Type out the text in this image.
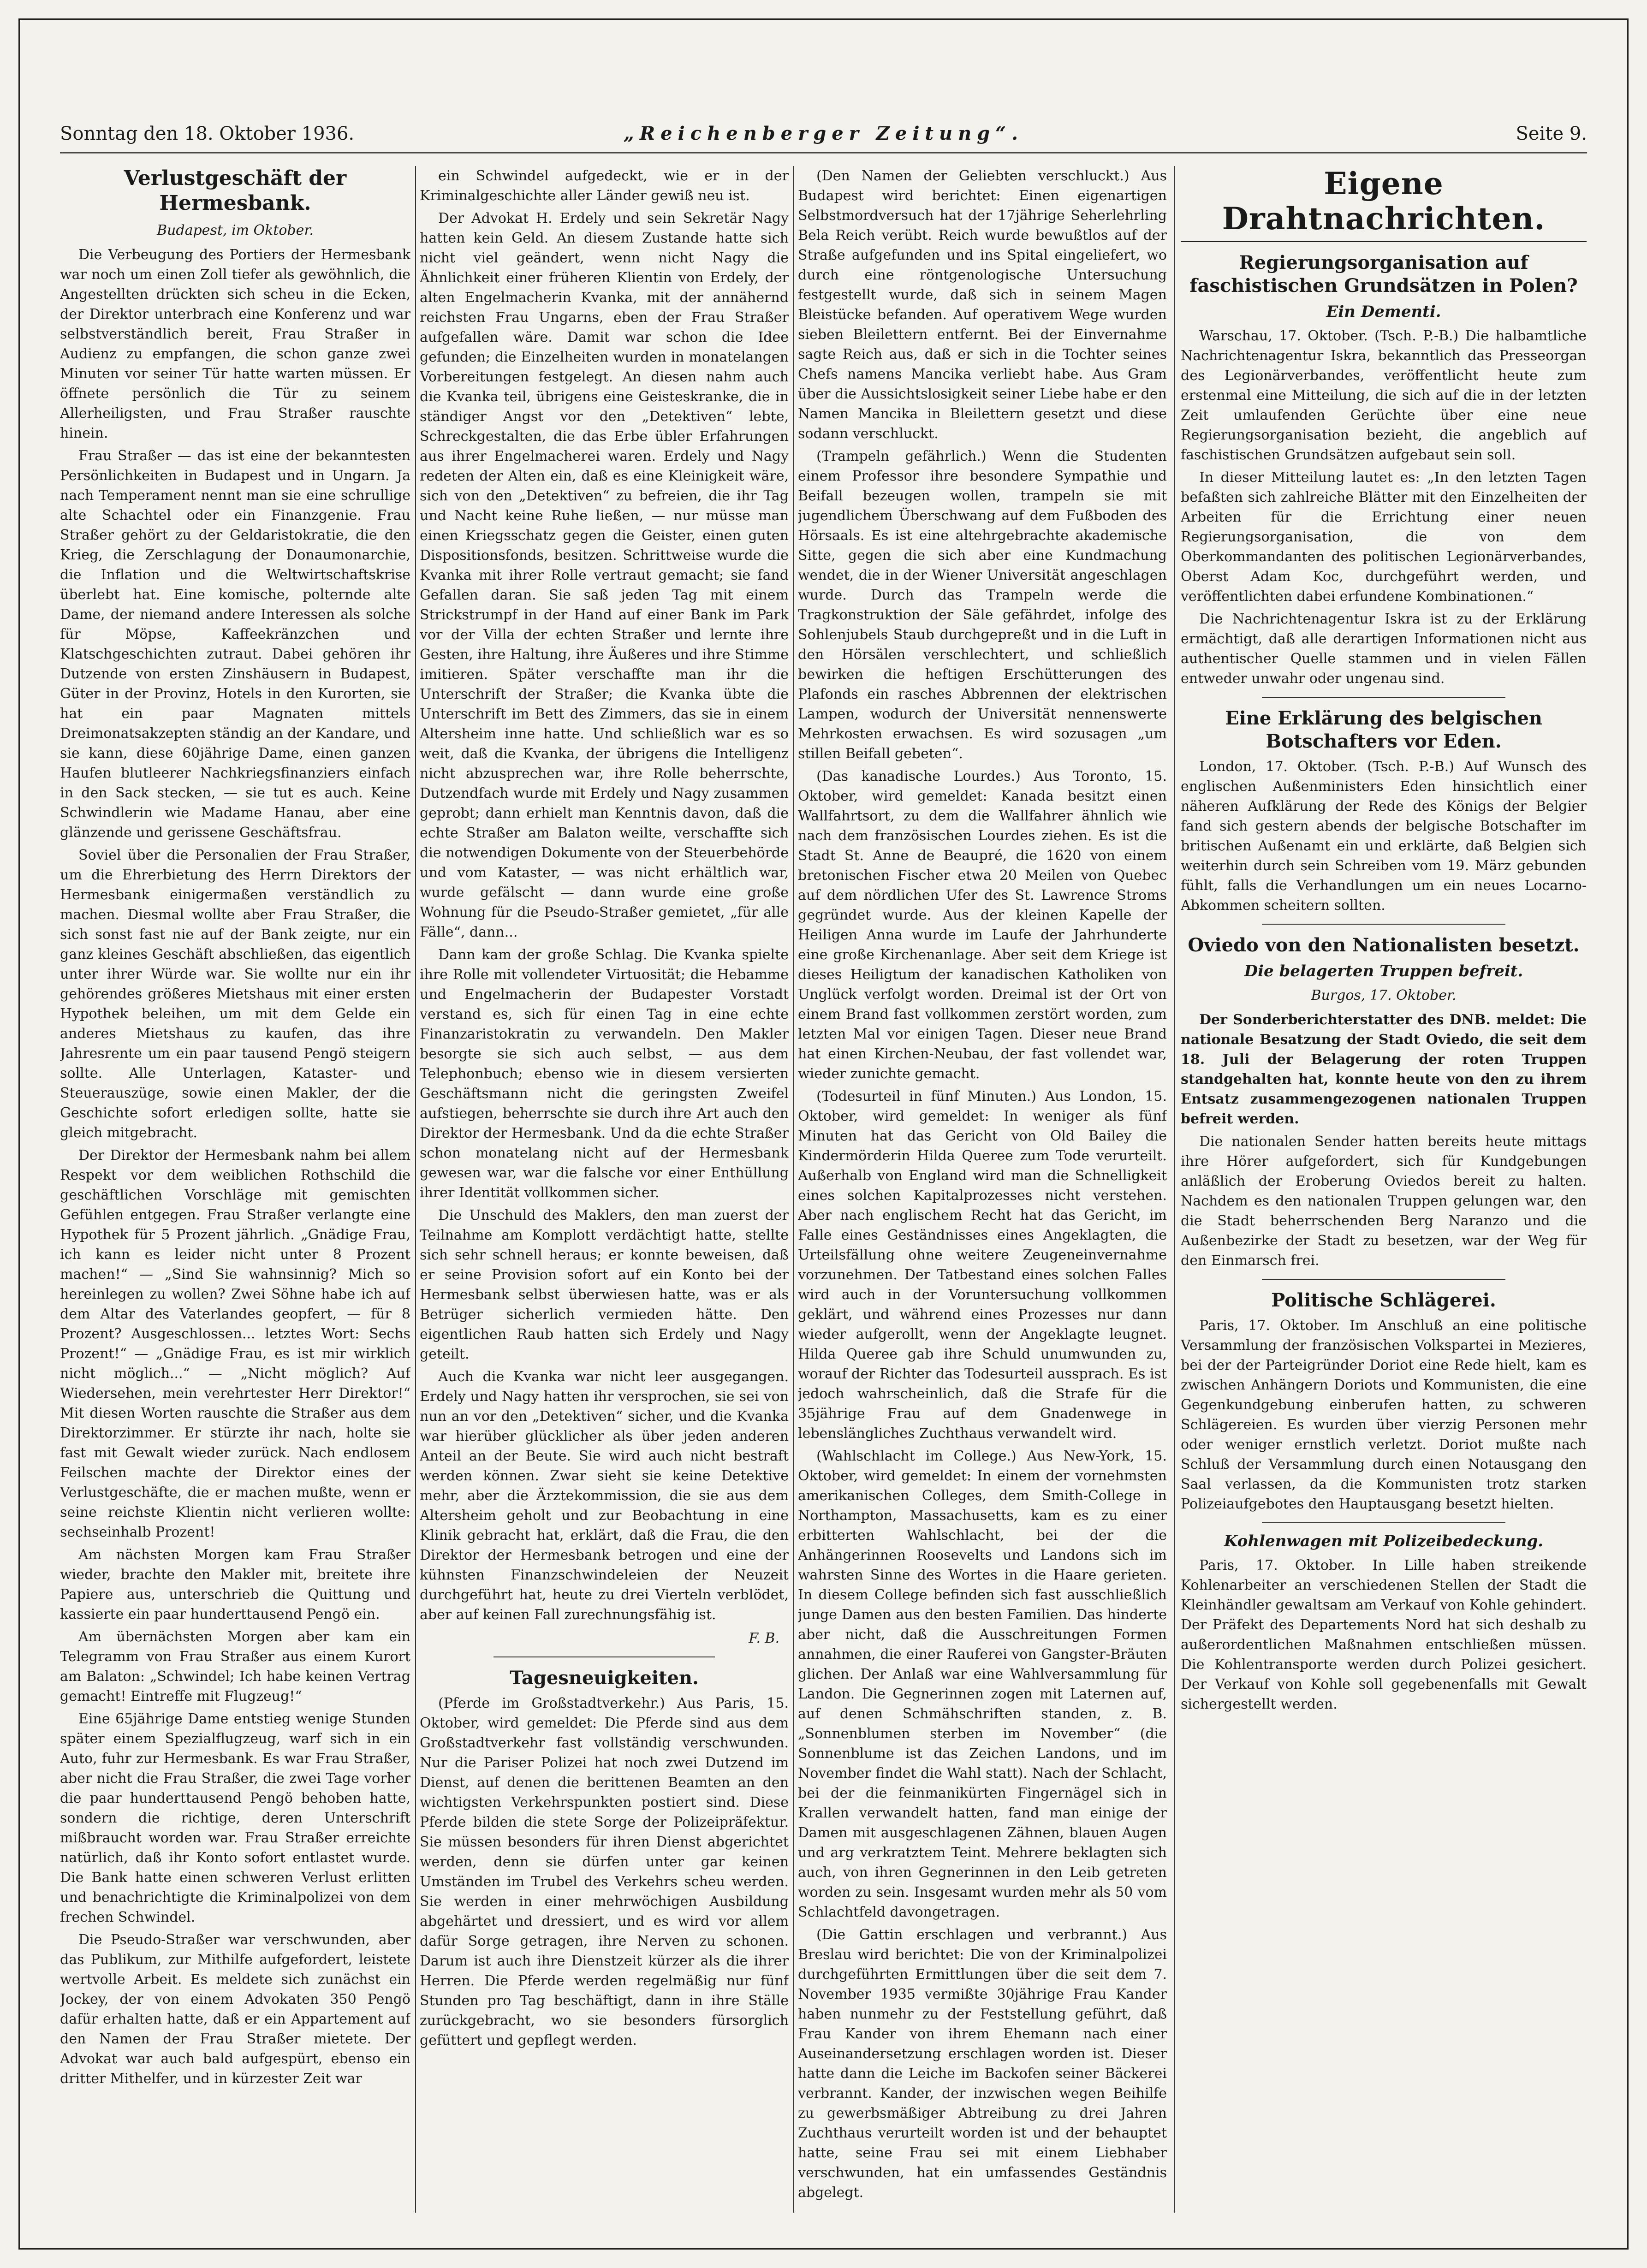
Sonntag den 18. Oktober 1936.	„Reichenberger Zeitung“.	Seite 9.
Verlustgeschäft der Hermesbank.
Budapest, im Oktober.

Die Verbeugung des Portiers der Hermesbank war noch um einen Zoll tiefer als gewöhnlich, die Angestellten drückten sich scheu in die Ecken, der Direktor unterbrach eine Konferenz und war selbstverständlich bereit, Frau Straßer in Audienz zu empfangen, die schon ganze zwei Minuten vor seiner Tür hatte warten müssen. Er öffnete persönlich die Tür zu seinem Allerheiligsten, und Frau Straßer rauschte hinein.

Frau Straßer — das ist eine der bekanntesten Persönlichkeiten in Budapest und in Ungarn. Ja nach Temperament nennt man sie eine schrullige alte Schachtel oder ein Finanzgenie. Frau Straßer gehört zu der Geldaristokratie, die den Krieg, die Zerschlagung der Donaumonarchie, die Inflation und die Weltwirtschaftskrise überlebt hat. Eine komische, polternde alte Dame, der niemand andere Interessen als solche für Möpse, Kaffeekränzchen und Klatschgeschichten zutraut. Dabei gehören ihr Dutzende von ersten Zinshäusern in Budapest, Güter in der Provinz, Hotels in den Kurorten, sie hat ein paar Magnaten mittels Dreimonatsakzepten ständig an der Kandare, und sie kann, diese 60jährige Dame, einen ganzen Haufen blutleerer Nachkriegsfinanziers einfach in den Sack stecken, — sie tut es auch. Keine Schwindlerin wie Madame Hanau, aber eine glänzende und gerissene Geschäftsfrau.

Soviel über die Personalien der Frau Straßer, um die Ehrerbietung des Herrn Direktors der Hermesbank einigermaßen verständlich zu machen. Diesmal wollte aber Frau Straßer, die sich sonst fast nie auf der Bank zeigte, nur ein ganz kleines Geschäft abschließen, das eigentlich unter ihrer Würde war. Sie wollte nur ein ihr gehörendes größeres Mietshaus mit einer ersten Hypothek beleihen, um mit dem Gelde ein anderes Mietshaus zu kaufen, das ihre Jahresrente um ein paar tausend Pengö steigern sollte. Alle Unterlagen, Kataster- und Steuerauszüge, sowie einen Makler, der die Geschichte sofort erledigen sollte, hatte sie gleich mitgebracht.

Der Direktor der Hermesbank nahm bei allem Respekt vor dem weiblichen Rothschild die geschäftlichen Vorschläge mit gemischten Gefühlen entgegen. Frau Straßer verlangte eine Hypothek für 5 Prozent jährlich. „Gnädige Frau, ich kann es leider nicht unter 8 Prozent machen!“ — „Sind Sie wahnsinnig? Mich so hereinlegen zu wollen? Zwei Söhne habe ich auf dem Altar des Vaterlandes geopfert, — für 8 Prozent? Ausgeschlossen... letztes Wort: Sechs Prozent!“ — „Gnädige Frau, es ist mir wirklich nicht möglich...“ — „Nicht möglich? Auf Wiedersehen, mein verehrtester Herr Direktor!“ Mit diesen Worten rauschte die Straßer aus dem Direktorzimmer. Er stürzte ihr nach, holte sie fast mit Gewalt wieder zurück. Nach endlosem Feilschen machte der Direktor eines der Verlustgeschäfte, die er machen mußte, wenn er seine reichste Klientin nicht verlieren wollte: sechseinhalb Prozent!

Am nächsten Morgen kam Frau Straßer wieder, brachte den Makler mit, breitete ihre Papiere aus, unterschrieb die Quittung und kassierte ein paar hunderttausend Pengö ein.

Am übernächsten Morgen aber kam ein Telegramm von Frau Straßer aus einem Kurort am Balaton: „Schwindel; Ich habe keinen Vertrag gemacht! Eintreffe mit Flugzeug!“

Eine 65jährige Dame entstieg wenige Stunden später einem Spezialflugzeug, warf sich in ein Auto, fuhr zur Hermesbank. Es war Frau Straßer, aber nicht die Frau Straßer, die zwei Tage vorher die paar hunderttausend Pengö behoben hatte, sondern die richtige, deren Unterschrift mißbraucht worden war. Frau Straßer erreichte natürlich, daß ihr Konto sofort entlastet wurde. Die Bank hatte einen schweren Verlust erlitten und benachrichtigte die Kriminalpolizei von dem frechen Schwindel.

Die Pseudo-Straßer war verschwunden, aber das Publikum, zur Mithilfe aufgefordert, leistete wertvolle Arbeit. Es meldete sich zunächst ein Jockey, der von einem Advokaten 350 Pengö dafür erhalten hatte, daß er ein Appartement auf den Namen der Frau Straßer mietete. Der Advokat war auch bald aufgespürt, ebenso ein dritter Mithelfer, und in kürzester Zeit war

ein Schwindel aufgedeckt, wie er in der Kriminalgeschichte aller Länder gewiß neu ist.

Der Advokat H. Erdely und sein Sekretär Nagy hatten kein Geld. An diesem Zustande hatte sich nicht viel geändert, wenn nicht Nagy die Ähnlichkeit einer früheren Klientin von Erdely, der alten Engelmacherin Kvanka, mit der annähernd reichsten Frau Ungarns, eben der Frau Straßer aufgefallen wäre. Damit war schon die Idee gefunden; die Einzelheiten wurden in monatelangen Vorbereitungen festgelegt. An diesen nahm auch die Kvanka teil, übrigens eine Geisteskranke, die in ständiger Angst vor den „Detektiven“ lebte, Schreckgestalten, die das Erbe übler Erfahrungen aus ihrer Engelmacherei waren. Erdely und Nagy redeten der Alten ein, daß es eine Kleinigkeit wäre, sich von den „Detektiven“ zu befreien, die ihr Tag und Nacht keine Ruhe ließen, — nur müsse man einen Kriegsschatz gegen die Geister, einen guten Dispositionsfonds, besitzen. Schrittweise wurde die Kvanka mit ihrer Rolle vertraut gemacht; sie fand Gefallen daran. Sie saß jeden Tag mit einem Strickstrumpf in der Hand auf einer Bank im Park vor der Villa der echten Straßer und lernte ihre Gesten, ihre Haltung, ihre Äußeres und ihre Stimme imitieren. Später verschaffte man ihr die Unterschrift der Straßer; die Kvanka übte die Unterschrift im Bett des Zimmers, das sie in einem Altersheim inne hatte. Und schließlich war es so weit, daß die Kvanka, der übrigens die Intelligenz nicht abzusprechen war, ihre Rolle beherrschte, Dutzendfach wurde mit Erdely und Nagy zusammen geprobt; dann erhielt man Kenntnis davon, daß die echte Straßer am Balaton weilte, verschaffte sich die notwendigen Dokumente von der Steuerbehörde und vom Kataster, — was nicht erhältlich war, wurde gefälscht — dann wurde eine große Wohnung für die Pseudo-Straßer gemietet, „für alle Fälle“, dann...

Dann kam der große Schlag. Die Kvanka spielte ihre Rolle mit vollendeter Virtuosität; die Hebamme und Engelmacherin der Budapester Vorstadt verstand es, sich für einen Tag in eine echte Finanzaristokratin zu verwandeln. Den Makler besorgte sie sich auch selbst, — aus dem Telephonbuch; ebenso wie in diesem versierten Geschäftsmann nicht die geringsten Zweifel aufstiegen, beherrschte sie durch ihre Art auch den Direktor der Hermesbank. Und da die echte Straßer schon monatelang nicht auf der Hermesbank gewesen war, war die falsche vor einer Enthüllung ihrer Identität vollkommen sicher.

Die Unschuld des Maklers, den man zuerst der Teilnahme am Komplott verdächtigt hatte, stellte sich sehr schnell heraus; er konnte beweisen, daß er seine Provision sofort auf ein Konto bei der Hermesbank selbst überwiesen hatte, was er als Betrüger sicherlich vermieden hätte. Den eigentlichen Raub hatten sich Erdely und Nagy geteilt.

Auch die Kvanka war nicht leer ausgegangen. Erdely und Nagy hatten ihr versprochen, sie sei von nun an vor den „Detektiven“ sicher, und die Kvanka war hierüber glücklicher als über jeden anderen Anteil an der Beute. Sie wird auch nicht bestraft werden können. Zwar sieht sie keine Detektive mehr, aber die Ärztekommission, die sie aus dem Altersheim geholt und zur Beobachtung in eine Klinik gebracht hat, erklärt, daß die Frau, die den Direktor der Hermesbank betrogen und eine der kühnsten Finanzschwindeleien der Neuzeit durchgeführt hat, heute zu drei Vierteln verblödet, aber auf keinen Fall zurechnungsfähig ist.

F. B.
Tagesneuigkeiten.

(Pferde im Großstadtverkehr.) Aus Paris, 15. Oktober, wird gemeldet: Die Pferde sind aus dem Großstadtverkehr fast vollständig verschwunden. Nur die Pariser Polizei hat noch zwei Dutzend im Dienst, auf denen die berittenen Beamten an den wichtigsten Verkehrspunkten postiert sind. Diese Pferde bilden die stete Sorge der Polizeipräfektur. Sie müssen besonders für ihren Dienst abgerichtet werden, denn sie dürfen unter gar keinen Umständen im Trubel des Verkehrs scheu werden. Sie werden in einer mehrwöchigen Ausbildung abgehärtet und dressiert, und es wird vor allem dafür Sorge getragen, ihre Nerven zu schonen. Darum ist auch ihre Dienstzeit kürzer als die ihrer Herren. Die Pferde werden regelmäßig nur fünf Stunden pro Tag beschäftigt, dann in ihre Ställe zurückgebracht, wo sie besonders fürsorglich gefüttert und gepflegt werden.

(Den Namen der Geliebten verschluckt.) Aus Budapest wird berichtet: Einen eigenartigen Selbstmordversuch hat der 17jährige Seherlehrling Bela Reich verübt. Reich wurde bewußtlos auf der Straße aufgefunden und ins Spital eingeliefert, wo durch eine röntgenologische Untersuchung festgestellt wurde, daß sich in seinem Magen Bleistücke befanden. Auf operativem Wege wurden sieben Bleilettern entfernt. Bei der Einvernahme sagte Reich aus, daß er sich in die Tochter seines Chefs namens Mancika verliebt habe. Aus Gram über die Aussichtslosigkeit seiner Liebe habe er den Namen Mancika in Bleilettern gesetzt und diese sodann verschluckt.

(Trampeln gefährlich.) Wenn die Studenten einem Professor ihre besondere Sympathie und Beifall bezeugen wollen, trampeln sie mit jugendlichem Überschwang auf dem Fußboden des Hörsaals. Es ist eine altehrgebrachte akademische Sitte, gegen die sich aber eine Kundmachung wendet, die in der Wiener Universität angeschlagen wurde. Durch das Trampeln werde die Tragkonstruktion der Säle gefährdet, infolge des Sohlenjubels Staub durchgepreßt und in die Luft in den Hörsälen verschlechtert, und schließlich bewirken die heftigen Erschütterungen des Plafonds ein rasches Abbrennen der elektrischen Lampen, wodurch der Universität nennenswerte Mehrkosten erwachsen. Es wird sozusagen „um stillen Beifall gebeten“.

(Das kanadische Lourdes.) Aus Toronto, 15. Oktober, wird gemeldet: Kanada besitzt einen Wallfahrtsort, zu dem die Wallfahrer ähnlich wie nach dem französischen Lourdes ziehen. Es ist die Stadt St. Anne de Beaupré, die 1620 von einem bretonischen Fischer etwa 20 Meilen von Quebec auf dem nördlichen Ufer des St. Lawrence Stroms gegründet wurde. Aus der kleinen Kapelle der Heiligen Anna wurde im Laufe der Jahrhunderte eine große Kirchenanlage. Aber seit dem Kriege ist dieses Heiligtum der kanadischen Katholiken von Unglück verfolgt worden. Dreimal ist der Ort von einem Brand fast vollkommen zerstört worden, zum letzten Mal vor einigen Tagen. Dieser neue Brand hat einen Kirchen-Neubau, der fast vollendet war, wieder zunichte gemacht.

(Todesurteil in fünf Minuten.) Aus London, 15. Oktober, wird gemeldet: In weniger als fünf Minuten hat das Gericht von Old Bailey die Kindermörderin Hilda Queree zum Tode verurteilt. Außerhalb von England wird man die Schnelligkeit eines solchen Kapitalprozesses nicht verstehen. Aber nach englischem Recht hat das Gericht, im Falle eines Geständnisses eines Angeklagten, die Urteilsfällung ohne weitere Zeugeneinvernahme vorzunehmen. Der Tatbestand eines solchen Falles wird auch in der Voruntersuchung vollkommen geklärt, und während eines Prozesses nur dann wieder aufgerollt, wenn der Angeklagte leugnet. Hilda Queree gab ihre Schuld unumwunden zu, worauf der Richter das Todesurteil aussprach. Es ist jedoch wahrscheinlich, daß die Strafe für die 35jährige Frau auf dem Gnadenwege in lebenslängliches Zuchthaus verwandelt wird.

(Wahlschlacht im College.) Aus New-York, 15. Oktober, wird gemeldet: In einem der vornehmsten amerikanischen Colleges, dem Smith-College in Northampton, Massachusetts, kam es zu einer erbitterten Wahlschlacht, bei der die Anhängerinnen Roosevelts und Landons sich im wahrsten Sinne des Wortes in die Haare gerieten. In diesem College befinden sich fast ausschließlich junge Damen aus den besten Familien. Das hinderte aber nicht, daß die Ausschreitungen Formen annahmen, die einer Rauferei von Gangster-Bräuten glichen. Der Anlaß war eine Wahlversammlung für Landon. Die Gegnerinnen zogen mit Laternen auf, auf denen Schmähschriften standen, z. B. „Sonnenblumen sterben im November“ (die Sonnenblume ist das Zeichen Landons, und im November findet die Wahl statt). Nach der Schlacht, bei der die feinmanikürten Fingernägel sich in Krallen verwandelt hatten, fand man einige der Damen mit ausgeschlagenen Zähnen, blauen Augen und arg verkratztem Teint. Mehrere beklagten sich auch, von ihren Gegnerinnen in den Leib getreten worden zu sein. Insgesamt wurden mehr als 50 vom Schlachtfeld davongetragen.

(Die Gattin erschlagen und verbrannt.) Aus Breslau wird berichtet: Die von der Kriminalpolizei durchgeführten Ermittlungen über die seit dem 7. November 1935 vermißte 30jährige Frau Kander haben nunmehr zu der Feststellung geführt, daß Frau Kander von ihrem Ehemann nach einer Auseinandersetzung erschlagen worden ist. Dieser hatte dann die Leiche im Backofen seiner Bäckerei verbrannt. Kander, der inzwischen wegen Beihilfe zu gewerbsmäßiger Abtreibung zu drei Jahren Zuchthaus verurteilt worden ist und der behauptet hatte, seine Frau sei mit einem Liebhaber verschwunden, hat ein umfassendes Geständnis abgelegt.

Eigene Drahtnachrichten.
Regierungsorganisation auf faschistischen Grundsätzen in Polen?
Ein Dementi.

Warschau, 17. Oktober. (Tsch. P.-B.) Die halbamtliche Nachrichtenagentur Iskra, bekanntlich das Presseorgan des Legionärverbandes, veröffentlicht heute zum erstenmal eine Mitteilung, die sich auf die in der letzten Zeit umlaufenden Gerüchte über eine neue Regierungsorganisation bezieht, die angeblich auf faschistischen Grundsätzen aufgebaut sein soll.

In dieser Mitteilung lautet es: „In den letzten Tagen befaßten sich zahlreiche Blätter mit den Einzelheiten der Arbeiten für die Errichtung einer neuen Regierungsorganisation, die von dem Oberkommandanten des politischen Legionärverbandes, Oberst Adam Koc, durchgeführt werden, und veröffentlichten dabei erfundene Kombinationen.“

Die Nachrichtenagentur Iskra ist zu der Erklärung ermächtigt, daß alle derartigen Informationen nicht aus authentischer Quelle stammen und in vielen Fällen entweder unwahr oder ungenau sind.

Eine Erklärung des belgischen Botschafters vor Eden.

London, 17. Oktober. (Tsch. P.-B.) Auf Wunsch des englischen Außenministers Eden hinsichtlich einer näheren Aufklärung der Rede des Königs der Belgier fand sich gestern abends der belgische Botschafter im britischen Außenamt ein und erklärte, daß Belgien sich weiterhin durch sein Schreiben vom 19. März gebunden fühlt, falls die Verhandlungen um ein neues Locarno-Abkommen scheitern sollten.

Oviedo von den Nationalisten besetzt.
Die belagerten Truppen befreit.
Burgos, 17. Oktober.

Der Sonderberichterstatter des DNB. meldet: Die nationale Besatzung der Stadt Oviedo, die seit dem 18. Juli der Belagerung der roten Truppen standgehalten hat, konnte heute von den zu ihrem Entsatz zusammengezogenen nationalen Truppen befreit werden.

Die nationalen Sender hatten bereits heute mittags ihre Hörer aufgefordert, sich für Kundgebungen anläßlich der Eroberung Oviedos bereit zu halten. Nachdem es den nationalen Truppen gelungen war, den die Stadt beherrschenden Berg Naranzo und die Außenbezirke der Stadt zu besetzen, war der Weg für den Einmarsch frei.

Politische Schlägerei.

Paris, 17. Oktober. Im Anschluß an eine politische Versammlung der französischen Volkspartei in Mezieres, bei der der Parteigründer Doriot eine Rede hielt, kam es zwischen Anhängern Doriots und Kommunisten, die eine Gegenkundgebung einberufen hatten, zu schweren Schlägereien. Es wurden über vierzig Personen mehr oder weniger ernstlich verletzt. Doriot mußte nach Schluß der Versammlung durch einen Notausgang den Saal verlassen, da die Kommunisten trotz starken Polizeiaufgebotes den Hauptausgang besetzt hielten.

Kohlenwagen mit Polizeibedeckung.

Paris, 17. Oktober. In Lille haben streikende Kohlenarbeiter an verschiedenen Stellen der Stadt die Kleinhändler gewaltsam am Verkauf von Kohle gehindert. Der Präfekt des Departements Nord hat sich deshalb zu außerordentlichen Maßnahmen entschließen müssen. Die Kohlentransporte werden durch Polizei gesichert. Der Verkauf von Kohle soll gegebenenfalls mit Gewalt sichergestellt werden.
